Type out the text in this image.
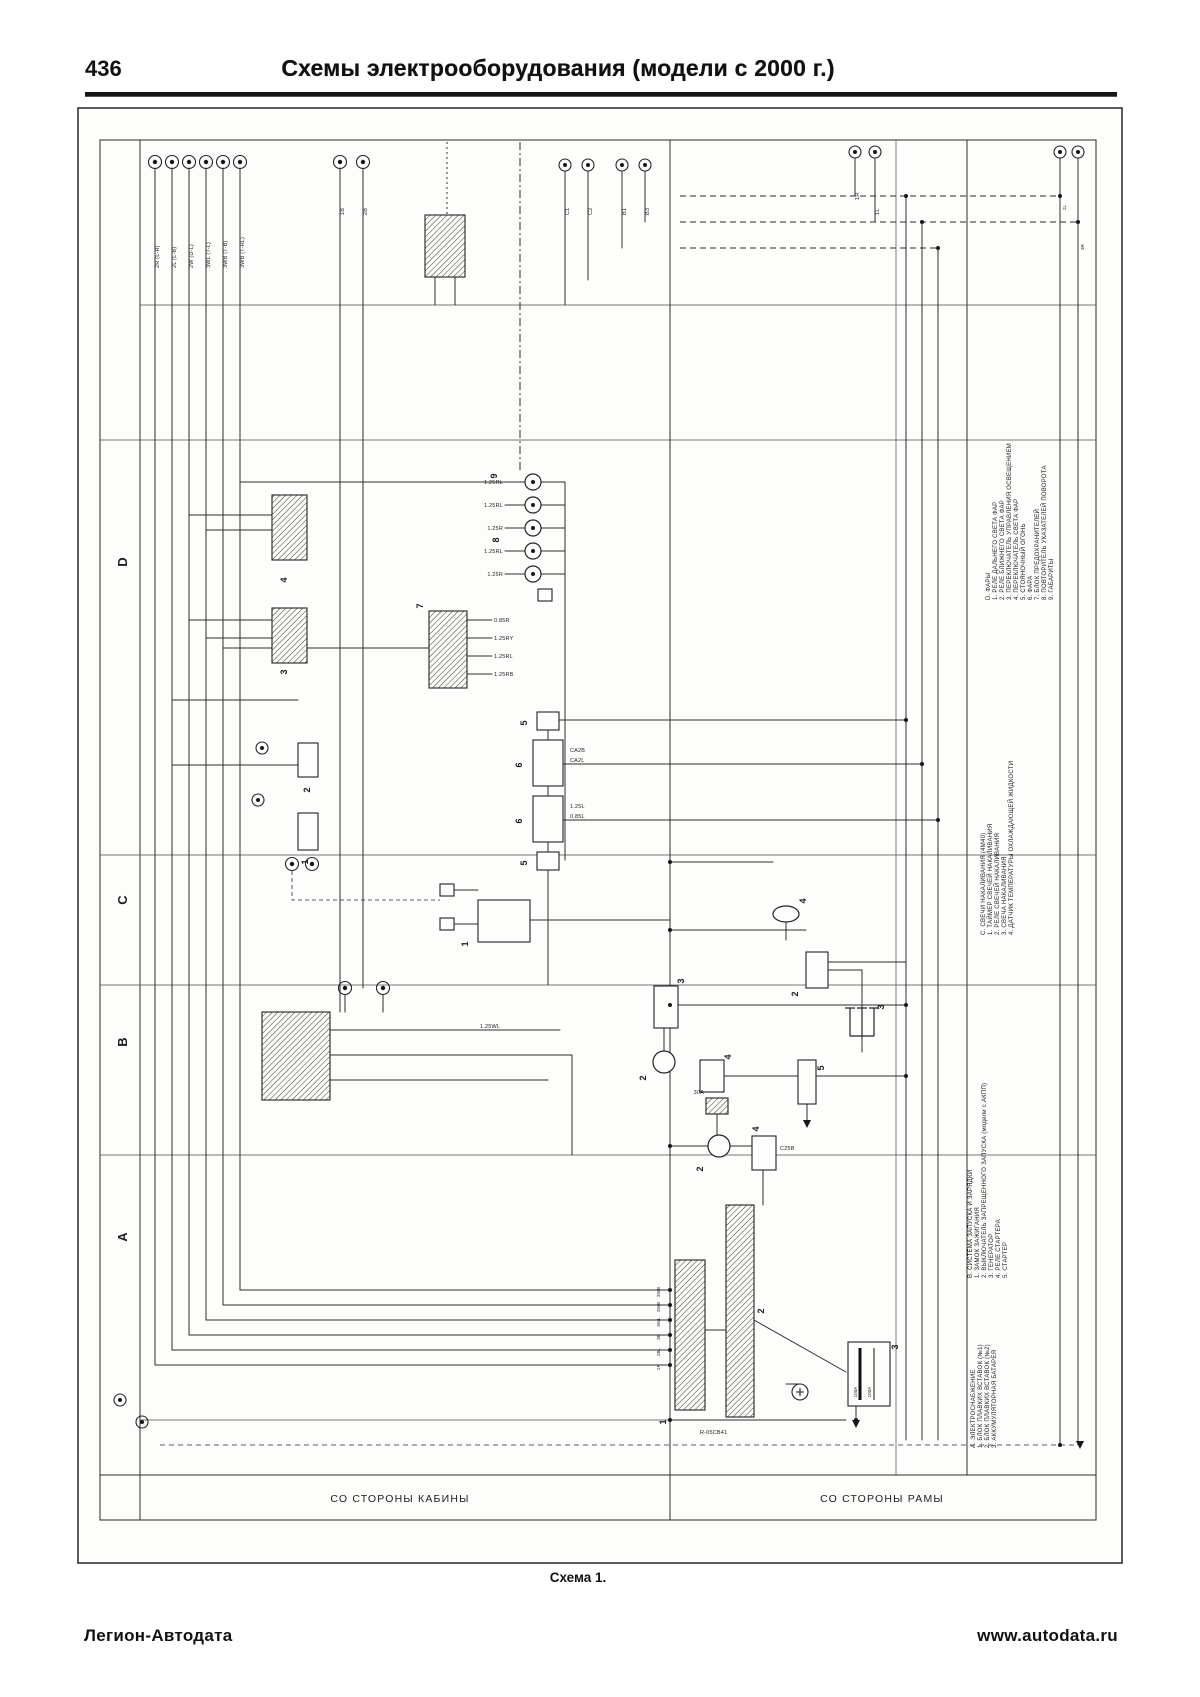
436	Схемы электрооборудования (модели с 2000 г.)
D
C
B
A
СО СТОРОНЫ КАБИНЫ	СО СТОРОНЫ РАМЫ
2R (L-R) 2L (L-B) 2W (D-L) 3WL (T-L) 3WB (T-B) 3WB (T-HL)
1B	2B	C1	C2	B1	B3
1R
1L
3WB
3WB
3WL
3B
2BL
2R
2L
3R
100A 100A
1.25RL
1.25RL
1.25R
1.25RL
1.25R
0.85R
1.25RY
1.25RL
1.25RB
CA2B
CA2L
1.25L
0.85L
C25B
30A
1.25WL
R-05CB41
4
3
2
1
7
9
8
5
6
6
5
1
4
2
3
3
2
4
5
2
4
2
1
3
D. ФАРЫ 1. РЕЛЕ ДАЛЬНЕГО СВЕТА ФАР 2. РЕЛЕ БЛИЖНЕГО СВЕТА ФАР 3. ПЕРЕКЛЮЧАТЕЛЬ УПРАВЛЕНИЯ ОСВЕЩЕНИЕМ 4. ПЕРЕКЛЮЧАТЕЛЬ СВЕТА ФАР 5. СТОЯНОЧНЫЙ ОГОНЬ 6. ФАРА 7. БЛОК ПРЕДОХРАНИТЕЛЕЙ 8. ПОВТОРИТЕЛЬ УКАЗАТЕЛЕЙ ПОВОРОТА 9. ГАБАРИТЫ
C. СВЕЧИ НАКАЛИВАНИЯ (4M40) 1. ТАЙМЕР СВЕЧЕЙ НАКАЛИВАНИЯ 2. РЕЛЕ СВЕЧЕЙ НАКАЛИВАНИЯ 3. СВЕЧА НАКАЛИВАНИЯ 4. ДАТЧИК ТЕМПЕРАТУРЫ ОХЛАЖДАЮЩЕЙ ЖИДКОСТИ
B. СИСТЕМА ЗАПУСКА И ЗАРЯДКИ 1. ЗАМОК ЗАЖИГАНИЯ 2. ВЫКЛЮЧАТЕЛЬ ЗАПРЕЩЕННОГО ЗАПУСКА (модели с АКПП) 3. ГЕНЕРАТОР 4. РЕЛЕ СТАРТЕРА 5. СТАРТЕР
A. ЭЛЕКТРОСНАБЖЕНИЕ 1. БЛОК ПЛАВКИХ ВСТАВОК (№1) 2. БЛОК ПЛАВКИХ ВСТАВОК (№2) 3. АККУМУЛЯТОРНАЯ БАТАРЕЯ
Схема 1.
Легион-Автодата	www.autodata.ru
